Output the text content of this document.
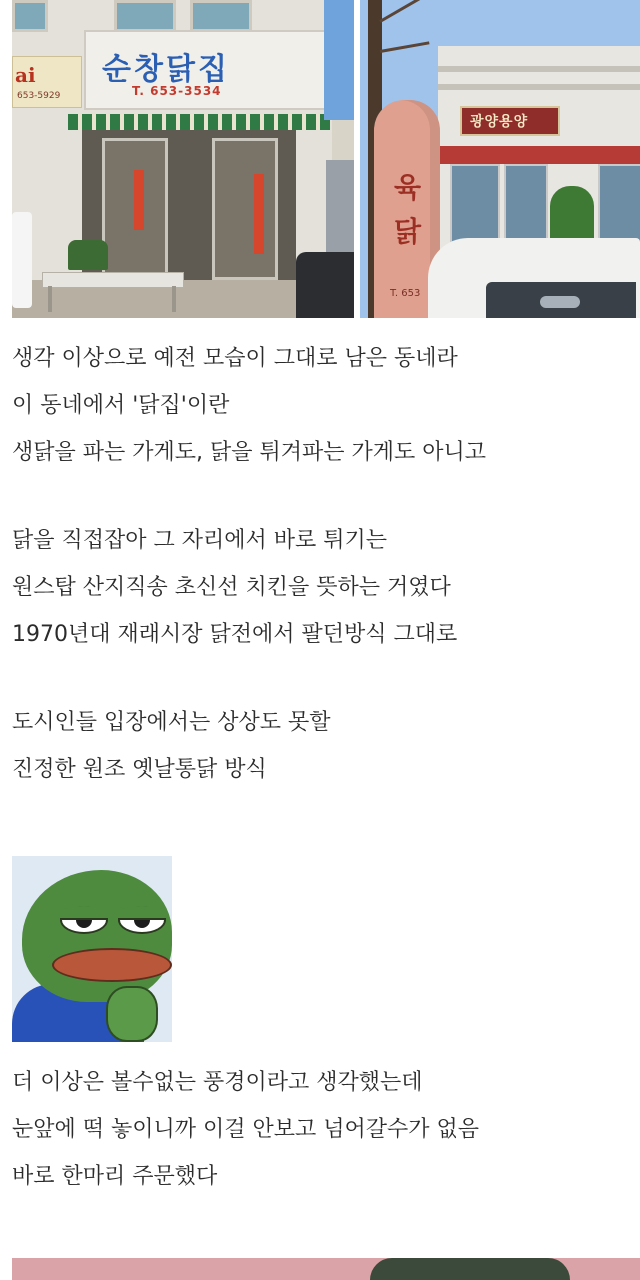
ai
653-5929
순창닭집
T. 653-3534
광양용양
육
닭
T. 653

생각 이상으로 예전 모습이 그대로 남은 동네라
이 동네에서 '닭집'이란
생닭을 파는 가게도, 닭을 튀겨파는 가게도 아니고

닭을 직접잡아 그 자리에서 바로 튀기는
원스탑 산지직송 초신선 치킨을 뜻하는 거였다
1970년대 재래시장 닭전에서 팔던방식 그대로

도시인들 입장에서는 상상도 못할
진정한 원조 옛날통닭 방식

더 이상은 볼수없는 풍경이라고 생각했는데
눈앞에 떡 놓이니까 이걸 안보고 넘어갈수가 없음
바로 한마리 주문했다
